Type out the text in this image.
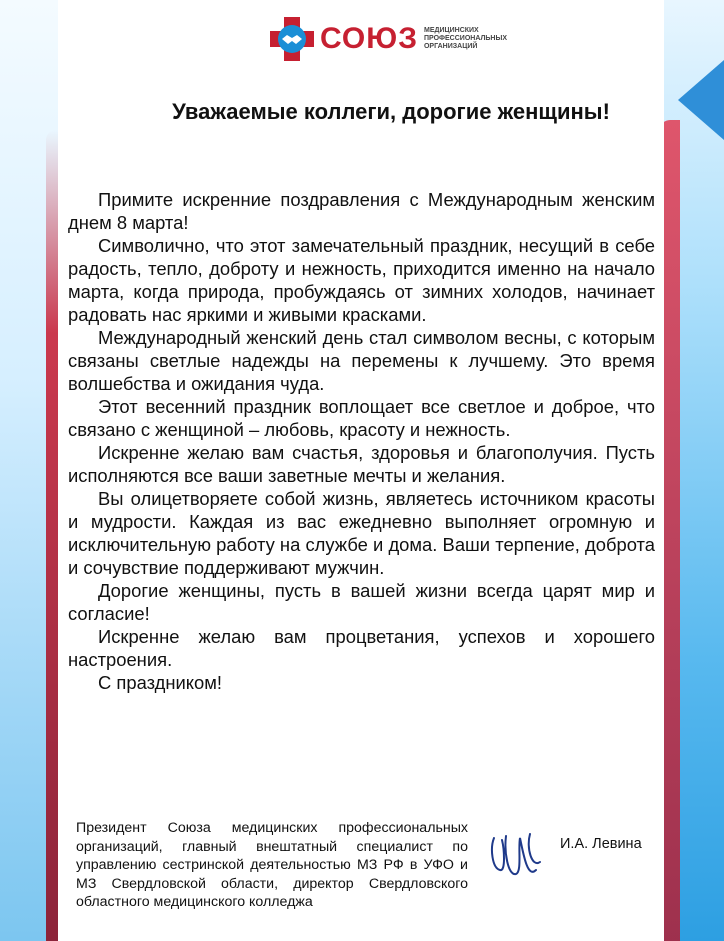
СОЮЗ МЕДИЦИНСКИХ
ПРОФЕССИОНАЛЬНЫХ
ОРГАНИЗАЦИЙ
Уважаемые коллеги, дорогие женщины!

Примите искренние поздравления с Международным женским днем 8 марта!

Символично, что этот замечательный праздник, несущий в себе радость, тепло, доброту и нежность, приходится именно на начало марта, когда природа, пробуждаясь от зимних холодов, начинает радовать нас яркими и живыми красками.

Международный женский день стал символом весны, с которым связаны светлые надежды на перемены к лучшему. Это время волшебства и ожидания чуда.

Этот весенний праздник воплощает все светлое и доброе, что связано с женщиной – любовь, красоту и нежность.

Искренне желаю вам счастья, здоровья и благополучия. Пусть исполняются все ваши заветные мечты и желания.

Вы олицетворяете собой жизнь, являетесь источником красоты и мудрости. Каждая из вас ежедневно выполняет огромную и исключительную работу на службе и дома. Ваши терпение, доброта и сочувствие поддерживают мужчин.

Дорогие женщины, пусть в вашей жизни всегда царят мир и согласие!

Искренне желаю вам процветания, успехов и хорошего настроения.

С праздником!

Президент Союза медицинских профессиональных организаций, главный внештатный специалист по управлению сестринской деятельностью МЗ РФ в УФО и МЗ Свердловской области, директор Свердловского областного медицинского колледжа
И.А. Левина
